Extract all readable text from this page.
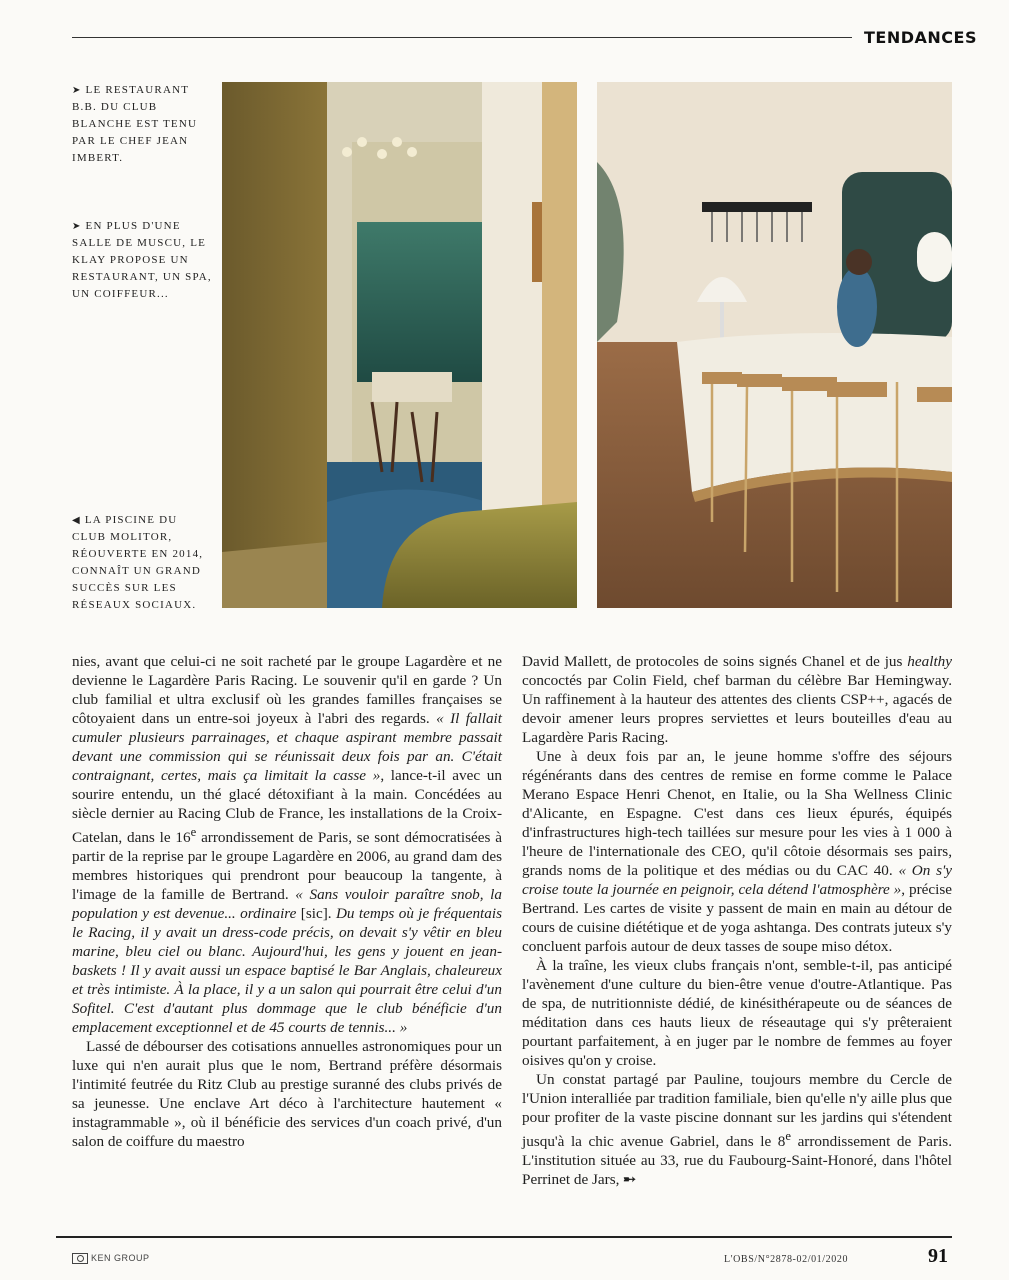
TENDANCES
➤ LE RESTAURANT B.B. DU CLUB BLANCHE EST TENU PAR LE CHEF JEAN IMBERT.
➤ EN PLUS D'UNE SALLE DE MUSCU, LE KLAY PROPOSE UN RESTAURANT, UN SPA, UN COIFFEUR...
◀ LA PISCINE DU CLUB MOLITOR, RÉOUVERTE EN 2014, CONNAÎT UN GRAND SUCCÈS SUR LES RÉSEAUX SOCIAUX.

nies, avant que celui-ci ne soit racheté par le groupe Lagardère et ne devienne le Lagardère Paris Racing. Le souvenir qu'il en garde ? Un club familial et ultra exclusif où les grandes familles françaises se côtoyaient dans un entre-soi joyeux à l'abri des regards. « Il fallait cumuler plusieurs parrainages, et chaque aspirant membre passait devant une commission qui se réunissait deux fois par an. C'était contraignant, certes, mais ça limitait la casse », lance-t-il avec un sourire entendu, un thé glacé détoxifiant à la main. Concédées au siècle dernier au Racing Club de France, les installations de la Croix-Catelan, dans le 16e arrondissement de Paris, se sont démocratisées à partir de la reprise par le groupe Lagardère en 2006, au grand dam des membres historiques qui prendront pour beaucoup la tangente, à l'image de la famille de Bertrand. « Sans vouloir paraître snob, la population y est devenue... ordinaire [sic]. Du temps où je fréquentais le Racing, il y avait un dress-code précis, on devait s'y vêtir en bleu marine, bleu ciel ou blanc. Aujourd'hui, les gens y jouent en jean-baskets ! Il y avait aussi un espace baptisé le Bar Anglais, chaleureux et très intimiste. À la place, il y a un salon qui pourrait être celui d'un Sofitel. C'est d'autant plus dommage que le club bénéficie d'un emplacement exceptionnel et de 45 courts de tennis... »

Lassé de débourser des cotisations annuelles astronomiques pour un luxe qui n'en aurait plus que le nom, Bertrand préfère désormais l'intimité feutrée du Ritz Club au prestige suranné des clubs privés de sa jeunesse. Une enclave Art déco à l'architecture hautement « instagrammable », où il bénéficie des services d'un coach privé, d'un salon de coiffure du maestro

David Mallett, de protocoles de soins signés Chanel et de jus healthy concoctés par Colin Field, chef barman du célèbre Bar Hemingway. Un raffinement à la hauteur des attentes des clients CSP++, agacés de devoir amener leurs propres serviettes et leurs bouteilles d'eau au Lagardère Paris Racing.

Une à deux fois par an, le jeune homme s'offre des séjours régénérants dans des centres de remise en forme comme le Palace Merano Espace Henri Chenot, en Italie, ou la Sha Wellness Clinic d'Alicante, en Espagne. C'est dans ces lieux épurés, équipés d'infrastructures high-tech taillées sur mesure pour les vies à 1 000 à l'heure de l'internationale des CEO, qu'il côtoie désormais ses pairs, grands noms de la politique et des médias ou du CAC 40. « On s'y croise toute la journée en peignoir, cela détend l'atmosphère », précise Bertrand. Les cartes de visite y passent de main en main au détour de cours de cuisine diététique et de yoga ashtanga. Des contrats juteux s'y concluent parfois autour de deux tasses de soupe miso détox.

À la traîne, les vieux clubs français n'ont, semble-t-il, pas anticipé l'avènement d'une culture du bien-être venue d'outre-Atlantique. Pas de spa, de nutritionniste dédié, de kinésithérapeute ou de séances de méditation dans ces hauts lieux de réseautage qui s'y prêteraient pourtant parfaitement, à en juger par le nombre de femmes au foyer oisives qu'on y croise.

Un constat partagé par Pauline, toujours membre du Cercle de l'Union interalliée par tradition familiale, bien qu'elle n'y aille plus que pour profiter de la vaste piscine donnant sur les jardins qui s'étendent jusqu'à la chic avenue Gabriel, dans le 8e arrondissement de Paris. L'institution située au 33, rue du Faubourg-Saint-Honoré, dans l'hôtel Perrinet de Jars, ➸

KEN GROUP	L'OBS/N°2878-02/01/2020	91
